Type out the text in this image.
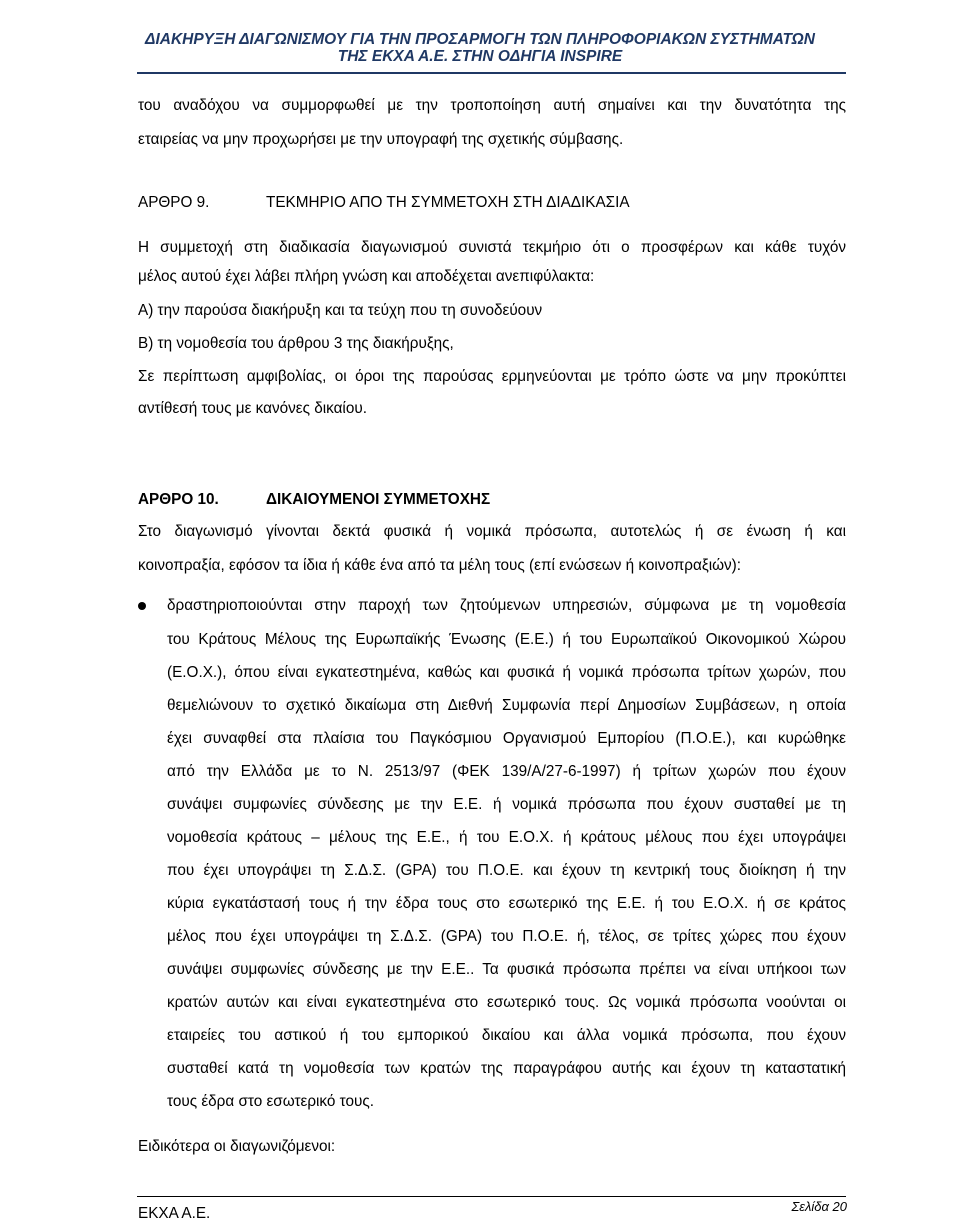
ΔΙΑΚΗΡΥΞΗ ΔΙΑΓΩΝΙΣΜΟΥ ΓΙΑ ΤΗΝ ΠΡΟΣΑΡΜΟΓΗ ΤΩΝ ΠΛΗΡΟΦΟΡΙΑΚΩΝ ΣΥΣΤΗΜΑΤΩΝ
ΤΗΣ ΕΚΧΑ Α.Ε. ΣΤΗΝ ΟΔΗΓΙΑ INSPIRE
του αναδόχου να συμμορφωθεί με την τροποποίηση αυτή σημαίνει και την δυνατότητα της
εταιρείας να μην προχωρήσει με την υπογραφή της σχετικής σύμβασης.
ΑΡΘΡΟ 9.	ΤΕΚΜΗΡΙΟ ΑΠΟ ΤΗ ΣΥΜΜΕΤΟΧΗ ΣΤΗ ΔΙΑΔΙΚΑΣΙΑ
Η συμμετοχή στη διαδικασία διαγωνισμού συνιστά τεκμήριο ότι ο προσφέρων και κάθε τυχόν
μέλος αυτού έχει λάβει πλήρη γνώση και αποδέχεται ανεπιφύλακτα:
Α) την παρούσα διακήρυξη και τα τεύχη που τη συνοδεύουν
Β) τη νομοθεσία του άρθρου 3 της διακήρυξης,
Σε περίπτωση αμφιβολίας, οι όροι της παρούσας ερμηνεύονται με τρόπο ώστε να μην προκύπτει
αντίθεσή τους με κανόνες δικαίου.
ΑΡΘΡΟ 10.	ΔΙΚΑΙΟΥΜΕΝΟΙ ΣΥΜΜΕΤΟΧΗΣ
Στο διαγωνισμό γίνονται δεκτά φυσικά ή νομικά πρόσωπα, αυτοτελώς ή σε ένωση ή και
κοινοπραξία, εφόσον τα ίδια ή κάθε ένα από τα μέλη τους (επί ενώσεων ή κοινοπραξιών):
δραστηριοποιούνται στην παροχή των ζητούμενων υπηρεσιών, σύμφωνα με τη νομοθεσία
του Κράτους Μέλους της Ευρωπαϊκής Ένωσης (Ε.Ε.) ή του Ευρωπαϊκού Οικονομικού Χώρου
(Ε.Ο.Χ.), όπου είναι εγκατεστημένα, καθώς και φυσικά ή νομικά πρόσωπα τρίτων χωρών, που
θεμελιώνουν το σχετικό δικαίωμα στη Διεθνή Συμφωνία περί Δημοσίων Συμβάσεων, η οποία
έχει συναφθεί στα πλαίσια του Παγκόσμιου Οργανισμού Εμπορίου (Π.Ο.Ε.), και κυρώθηκε
από την Ελλάδα με το Ν. 2513/97 (ΦΕΚ 139/Α/27-6-1997) ή τρίτων χωρών που έχουν
συνάψει συμφωνίες σύνδεσης με την Ε.Ε. ή νομικά πρόσωπα που έχουν συσταθεί με τη
νομοθεσία κράτους – μέλους της Ε.Ε., ή του Ε.Ο.Χ. ή κράτους μέλους που έχει υπογράψει
που έχει υπογράψει τη Σ.Δ.Σ. (GPA) του Π.Ο.Ε. και έχουν τη κεντρική τους διοίκηση ή την
κύρια εγκατάστασή τους ή την έδρα τους στο εσωτερικό της Ε.Ε. ή του Ε.Ο.Χ. ή σε κράτος
μέλος που έχει υπογράψει τη Σ.Δ.Σ. (GPA) του Π.Ο.Ε. ή, τέλος, σε τρίτες χώρες που έχουν
συνάψει συμφωνίες σύνδεσης με την Ε.Ε.. Τα φυσικά πρόσωπα πρέπει να είναι υπήκοοι των
κρατών αυτών και είναι εγκατεστημένα στο εσωτερικό τους. Ως νομικά πρόσωπα νοούνται οι
εταιρείες του αστικού ή του εμπορικού δικαίου και άλλα νομικά πρόσωπα, που έχουν
συσταθεί κατά τη νομοθεσία των κρατών της παραγράφου αυτής και έχουν τη καταστατική
τους έδρα στο εσωτερικό τους.
Ειδικότερα οι διαγωνιζόμενοι:
ΕΚΧΑ Α.Ε.	Σελίδα 20
